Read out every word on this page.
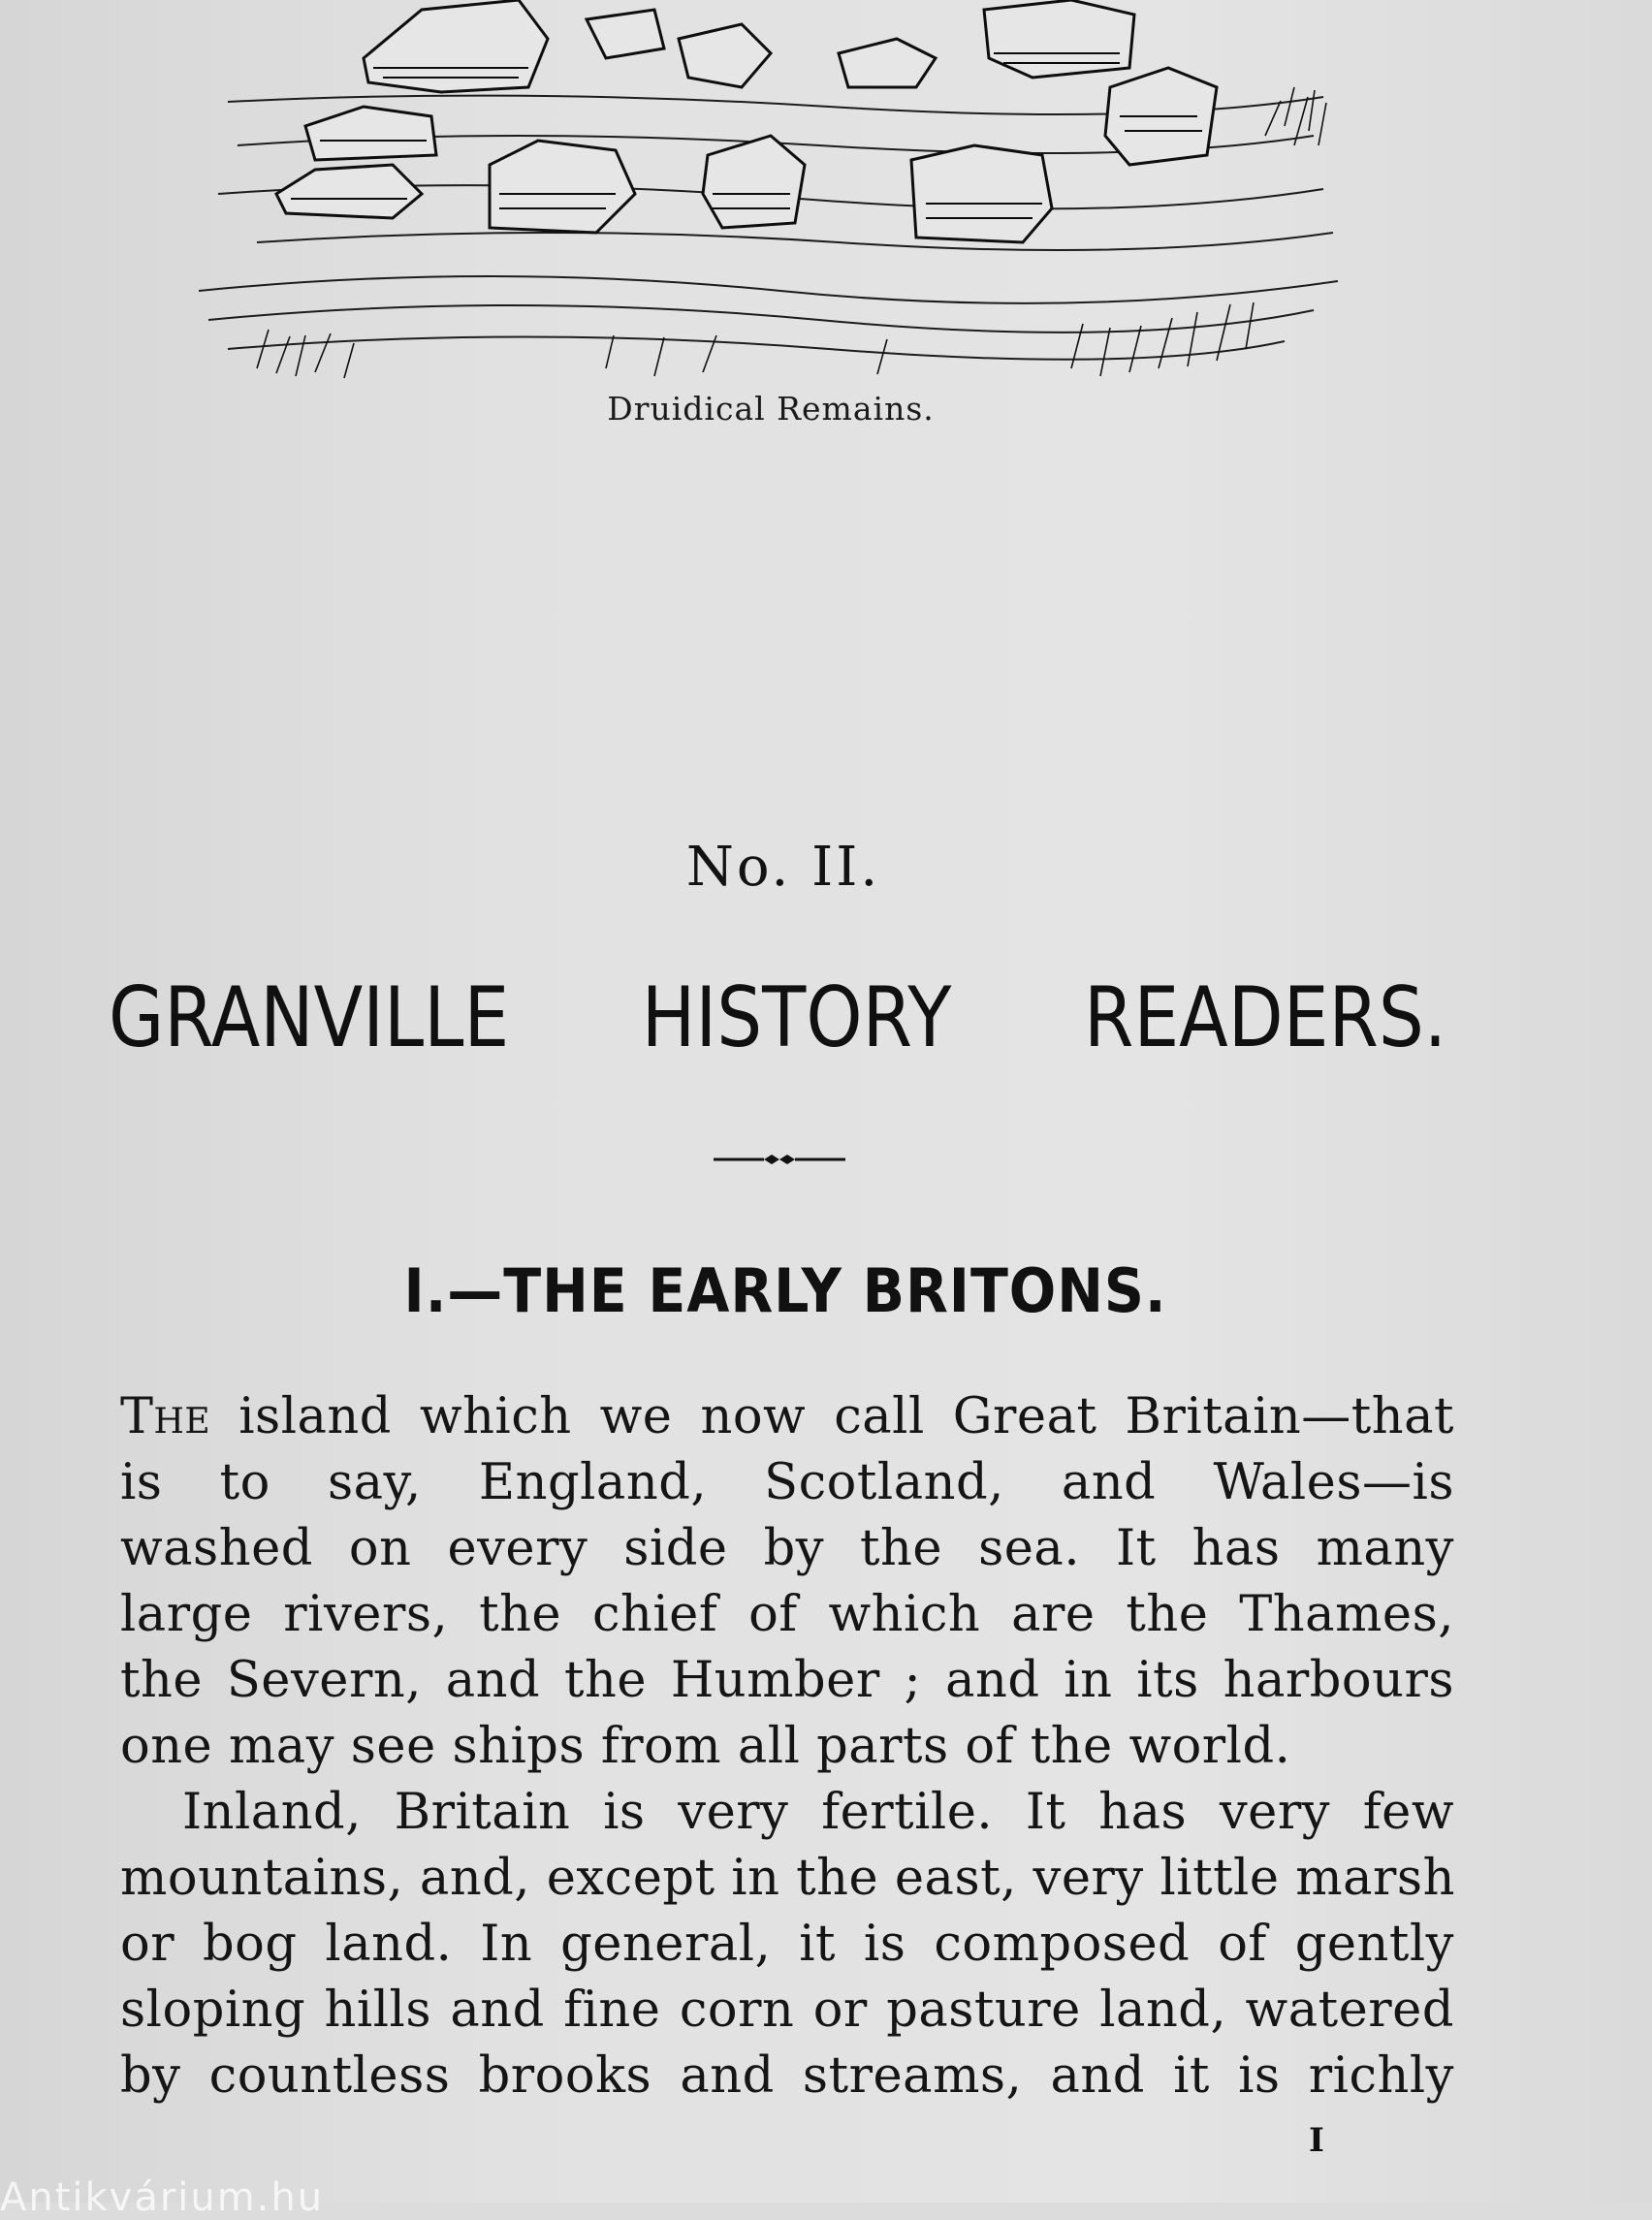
Druidical Remains.
No. II.
GRANVILLE HISTORY READERS.
I.—THE EARLY BRITONS.

The island which we now call Great Britain—that
is to say, England, Scotland, and Wales—is
washed on every side by the sea. It has many
large rivers, the chief of which are the Thames,
the Severn, and the Humber ; and in its harbours
one may see ships from all parts of the world.

Inland, Britain is very fertile. It has very few
mountains, and, except in the east, very little marsh
or bog land. In general, it is composed of gently
sloping hills and fine corn or pasture land, watered
by countless brooks and streams, and it is richly

I
Antikvárium.hu
